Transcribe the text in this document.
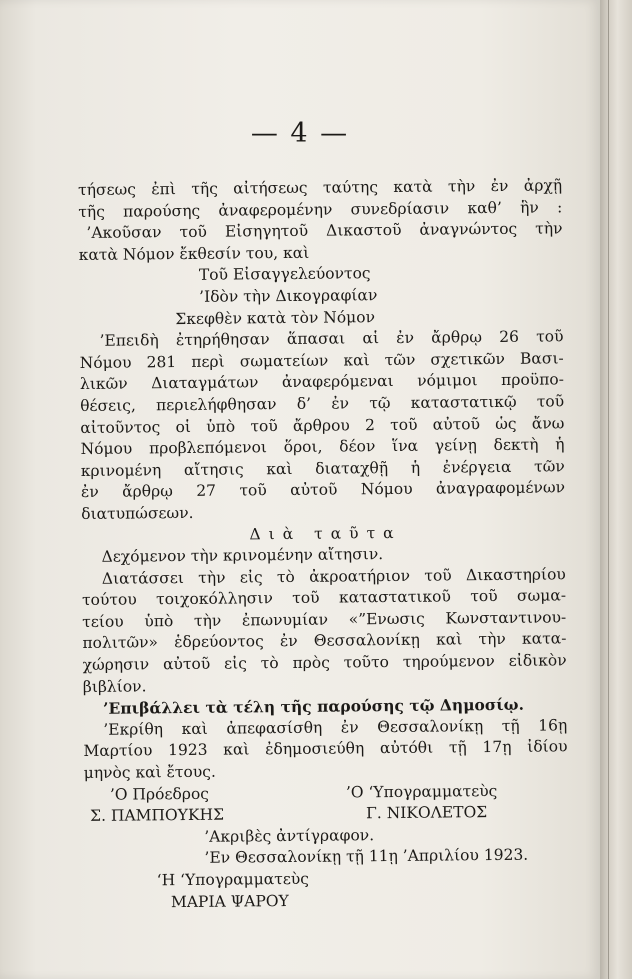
— 4 —
τήσεως ἐπὶ τῆς αἰτήσεως ταύτης κατὰ τὴν ἐν ἀρχῇ
τῆς παρούσης ἀναφερομένην συνεδρίασιν καθ’ ἣν :
’Ακοῦσαν τοῦ Εἰσηγητοῦ Δικαστοῦ ἀναγνώντος τὴν
κατὰ Νόμον ἔκθεσίν του, καὶ
Τοῦ Εἰσαγγελεύοντος
’Ιδὸν τὴν Δικογραφίαν
Σκεφθὲν κατὰ τὸν Νόμον
’Επειδὴ ἐτηρήθησαν ἅπασαι αἱ ἐν ἄρθρῳ 26 τοῦ
Νόμου 281 περὶ σωματείων καὶ τῶν σχετικῶν Βασι-
λικῶν Διαταγμάτων ἀναφερόμεναι νόμιμοι προϋπο-
θέσεις, περιελήφθησαν δ’ ἐν τῷ καταστατικῷ τοῦ
αἰτοῦντος οἱ ὑπὸ τοῦ ἄρθρου 2 τοῦ αὐτοῦ ὡς ἄνω
Νόμου προβλεπόμενοι ὅροι, δέον ἵνα γείνῃ δεκτὴ ἡ
κρινομένη αἴτησις καὶ διαταχθῇ ἡ ἐνέργεια τῶν
ἐν ἄρθρῳ 27 τοῦ αὐτοῦ Νόμου ἀναγραφομένων
διατυπώσεων.
Διὰ ταῦτα
Δεχόμενον τὴν κρινομένην αἴτησιν.
Διατάσσει τὴν εἰς τὸ ἀκροατήριον τοῦ Δικαστηρίου
τούτου τοιχοκόλλησιν τοῦ καταστατικοῦ τοῦ σωμα-
τείου ὑπὸ τὴν ἐπωνυμίαν «”Ενωσις Κωνσταντινου-
πολιτῶν» ἑδρεύοντος ἐν Θεσσαλονίκῃ καὶ τὴν κατα-
χώρησιν αὐτοῦ εἰς τὸ πρὸς τοῦτο τηρούμενον εἰδικὸν
βιβλίον.
’Επιβάλλει τὰ τέλη τῆς παρούσης τῷ Δημοσίῳ.
’Εκρίθη καὶ ἀπεφασίσθη ἐν Θεσσαλονίκῃ τῇ 16ῃ
Μαρτίου 1923 καὶ ἐδημοσιεύθη αὐτόθι τῇ 17ῃ ἰδίου
μηνὸς καὶ ἔτους.
’Ο Πρόεδρος	’Ο ‘Υπογραμματεὺς
Σ. ΠΑΜΠΟΥΚΗΣ	Γ. ΝΙΚΟΛΕΤΟΣ
’Ακριβὲς ἀντίγραφον.
’Εν Θεσσαλονίκῃ τῇ 11ῃ ’Απριλίου 1923.
‘Η ‘Υπογραμματεὺς
ΜΑΡΙΑ ΨΑΡΟΥ
